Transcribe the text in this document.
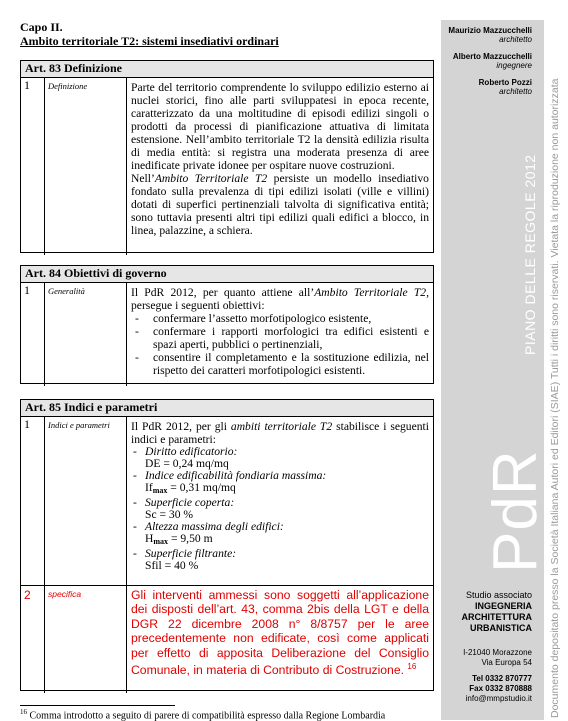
Capo II.
Ambito territoriale T2: sistemi insediativi ordinari
Art. 83 Definizione
1	Definizione	Parte del territorio comprendente lo sviluppo edilizio esterno ai nuclei storici, fino alle parti sviluppatesi in epoca recente, caratterizzato da una moltitudine di episodi edilizi singoli o prodotti da processi di pianificazione attuativa di limitata estensione. Nell’ambito territoriale T2 la densità edilizia risulta di media entità: si registra una moderata presenza di aree inedificate private idonee per ospitare nuove costruzioni.

Nell’Ambito Territoriale T2 persiste un modello insediativo fondato sulla prevalenza di tipi edilizi isolati (ville e villini) dotati di superfici pertinenziali talvolta di significativa entità; sono tuttavia presenti altri tipi edilizi quali edifici a blocco, in linea, palazzine, a schiera.

Art. 84 Obiettivi di governo
1	Generalità	Il PdR 2012, per quanto attiene all’Ambito Territoriale T2, persegue i seguenti obiettivi:

- confermare l’assetto morfotipologico esistente,
- confermare i rapporti morfologici tra edifici esistenti e spazi aperti, pubblici o pertinenziali,
- consentire il completamento e la sostituzione edilizia, nel rispetto dei caratteri morfotipologici esistenti.
Art. 85 Indici e parametri
1	Indici e parametri	Il PdR 2012, per gli ambiti territoriale T2 stabilisce i seguenti indici e parametri:

- Diritto edificatorio:
DE = 0,24 mq/mq
- Indice edificabilità fondiaria massima:
Ifmax = 0,31 mq/mq
- Superficie coperta:
Sc = 30 %
- Altezza massima degli edifici:
Hmax = 9,50 m
- Superficie filtrante:
Sfil = 40 %
2	specifica	Gli interventi ammessi sono soggetti all’applicazione dei disposti dell’art. 43, comma 2bis della LGT e della DGR 22 dicembre 2008 n° 8/8757 per le aree precedentemente non edificate, così come applicati per effetto di apposita Deliberazione del Consiglio Comunale, in materia di Contributo di Costruzione. $^{16}$
$^{16}$ Comma introdotto a seguito di parere di compatibilità espresso dalla Regione Lombardia
Maurizio Mazzucchelli
architetto
Alberto Mazzucchelli
ingegnere
Roberto Pozzi
architetto
PIANO DELLE REGOLE 2012
PdR Documento depositato presso la Società Italiana Autori ed Editori (SIAE) Tutti i diritti sono riservati. Vietata la riproduzione non autorizzata
Studio associato
INGEGNERIA
ARCHITETTURA
URBANISTICA
I-21040 Morazzone
Via Europa 54
Tel 0332 870777
Fax 0332 870888
info@mmpstudio.it
